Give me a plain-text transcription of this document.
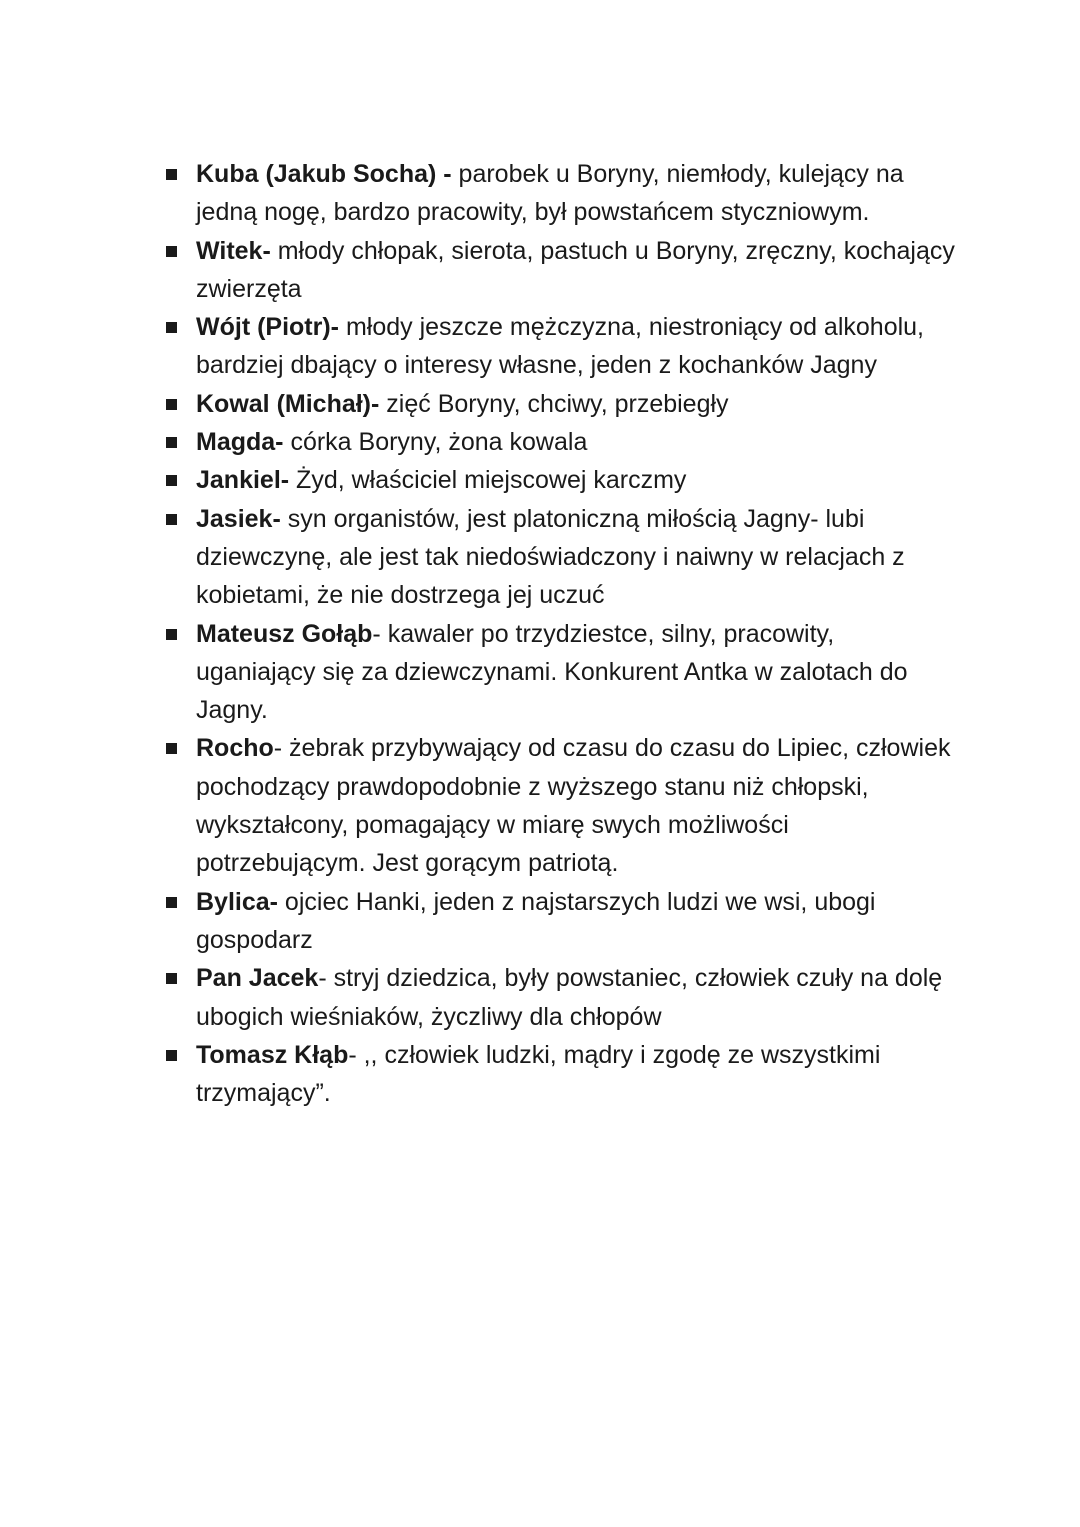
Kuba (Jakub Socha) - parobek u Boryny, niemłody, kulejący na jedną nogę, bardzo pracowity, był powstańcem styczniowym.
Witek- młody chłopak, sierota, pastuch u Boryny, zręczny, kochający zwierzęta
Wójt (Piotr)- młody jeszcze mężczyzna, niestroniący od alkoholu, bardziej dbający o interesy własne, jeden z kochanków Jagny
Kowal (Michał)- zięć Boryny, chciwy, przebiegły
Magda- córka Boryny, żona kowala
Jankiel- Żyd, właściciel miejscowej karczmy
Jasiek- syn organistów, jest platoniczną miłością Jagny- lubi dziewczynę, ale jest tak niedoświadczony i naiwny w relacjach z kobietami, że nie dostrzega jej uczuć
Mateusz Gołąb- kawaler po trzydziestce, silny, pracowity, uganiający się za dziewczynami. Konkurent Antka w zalotach do Jagny.
Rocho- żebrak przybywający od czasu do czasu do Lipiec, człowiek pochodzący prawdopodobnie z wyższego stanu niż chłopski, wykształcony, pomagający w miarę swych możliwości potrzebującym. Jest gorącym patriotą.
Bylica- ojciec Hanki, jeden z najstarszych ludzi we wsi, ubogi gospodarz
Pan Jacek- stryj dziedzica, były powstaniec, człowiek czuły na dolę ubogich wieśniaków, życzliwy dla chłopów
Tomasz Kłąb- ,, człowiek ludzki, mądry i zgodę ze wszystkimi trzymający”.
